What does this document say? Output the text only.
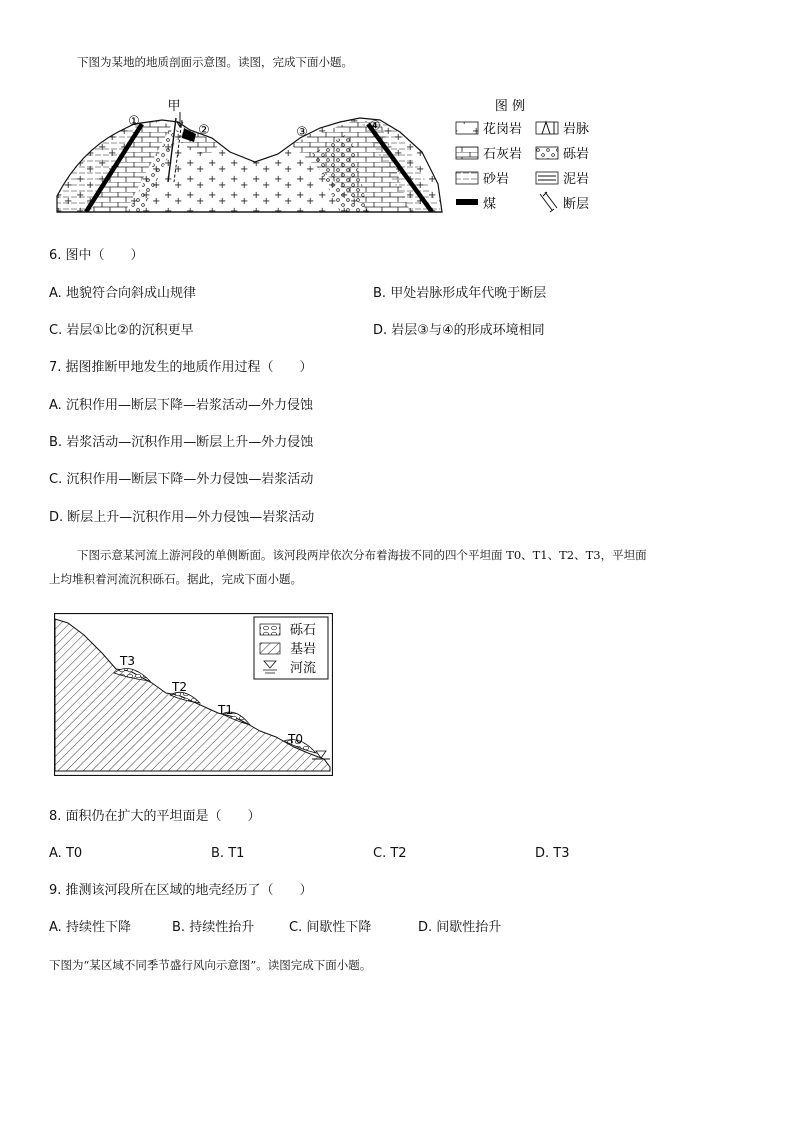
下图为某地的地质剖面示意图。读图，完成下面小题。
甲
①
②	③	④
图 例
花岗岩	岩脉
石灰岩	砾岩
砂岩	泥岩
煤	断层
6. 图中（　　）
A. 地貌符合向斜成山规律	B. 甲处岩脉形成年代晚于断层
C. 岩层①比②的沉积更早	D. 岩层③与④的形成环境相同
7. 据图推断甲地发生的地质作用过程（　　）
A. 沉积作用—断层下降—岩浆活动—外力侵蚀
B. 岩浆活动—沉积作用—断层上升—外力侵蚀
C. 沉积作用—断层下降—外力侵蚀—岩浆活动
D. 断层上升—沉积作用—外力侵蚀—岩浆活动
下图示意某河流上游河段的单侧断面。该河段两岸依次分布着海拔不同的四个平坦面 T0、T1、T2、T3，平坦面
上均堆积着河流沉积砾石。据此，完成下面小题。
T3
T2
T1
T0
砾石
基岩
河流
8. 面积仍在扩大的平坦面是（　　）
A. T0	B. T1	C. T2	D. T3
9. 推测该河段所在区域的地壳经历了（　　）
A. 持续性下降	B. 持续性抬升	C. 间歇性下降	D. 间歇性抬升
下图为“某区域不同季节盛行风向示意图”。读图完成下面小题。
